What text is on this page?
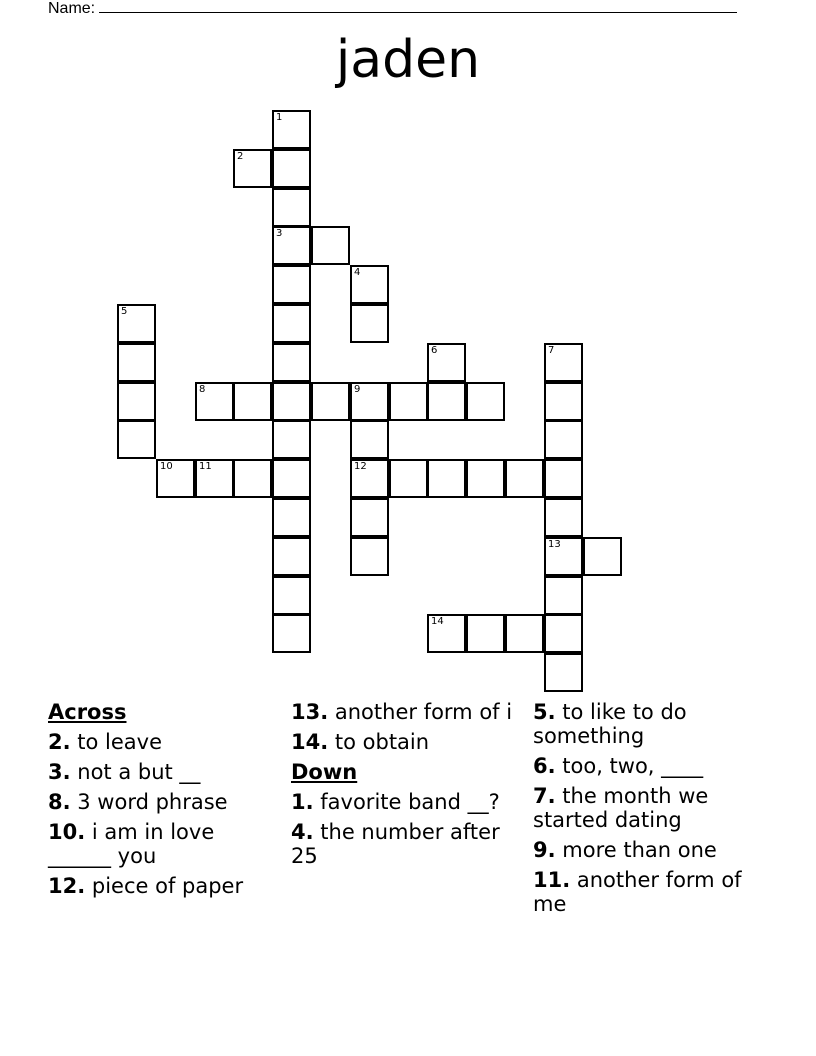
Name:
jaden
1
2
3
4
5
6	7
8	9
10	11	12
13
14
Across
2. to leave
3. not a but __
8. 3 word phrase
10. i am in love ______ you
12. piece of paper
13. another form of i
14. to obtain
Down
1. favorite band __?
4. the number after 25
5. to like to do something
6. too, two, ____
7. the month we started dating
9. more than one
11. another form of me
